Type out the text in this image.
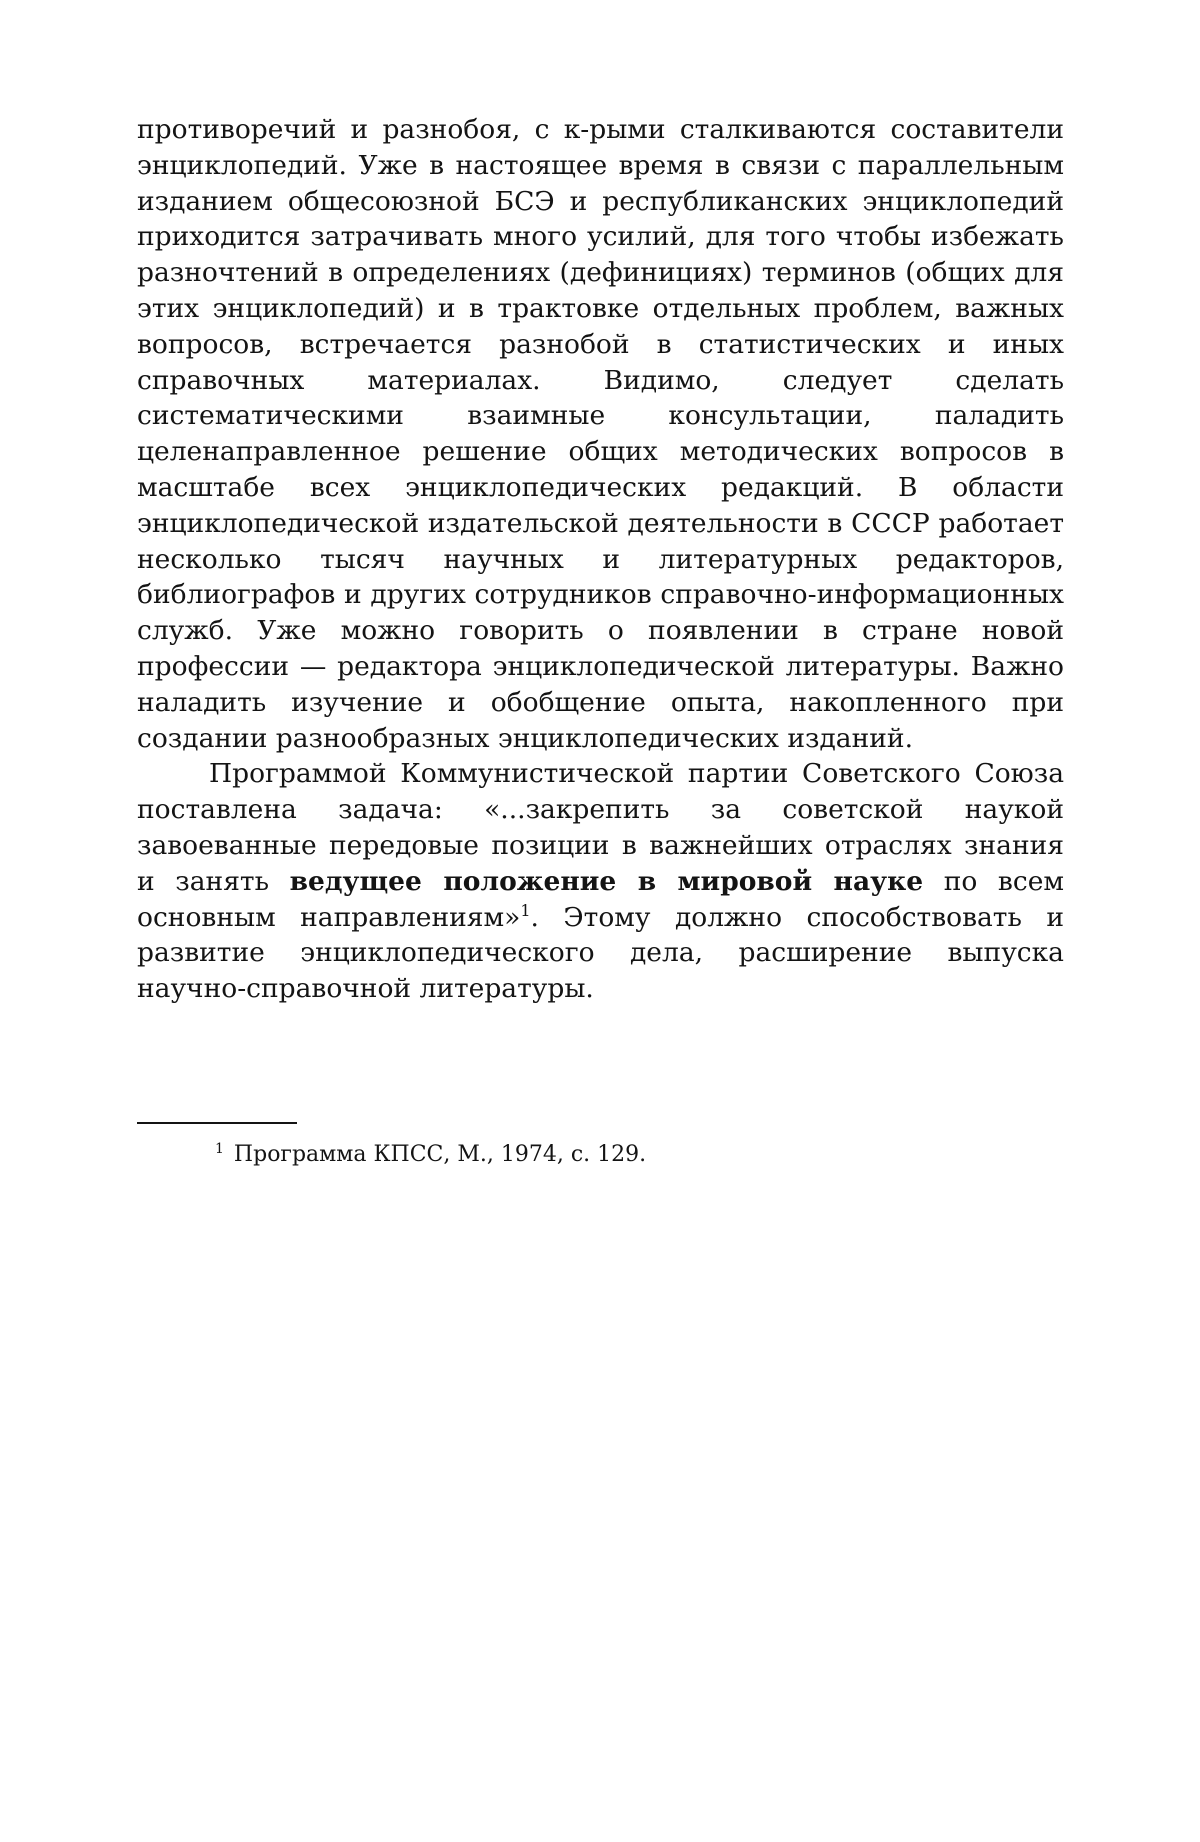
противоречий и разнобоя, с к-рыми сталкиваются составители энциклопедий. Уже в настоящее время в связи с параллельным изданием общесоюзной БСЭ и республиканских энциклопедий приходится затрачивать много усилий, для того чтобы избежать разночтений в определениях (дефинициях) терминов (общих для этих энциклопедий) и в трактовке отдельных проблем, важных вопросов, встречается разнобой в статистических и иных справочных материалах. Видимо, следует сделать систематическими взаимные консультации, паладить целенаправленное решение общих методических вопросов в масштабе всех энциклопедических редакций. В области энциклопедической издательской деятельности в СССР работает несколько тысяч научных и литературных редакторов, библиографов и других сотрудников справочно-информационных служб. Уже можно говорить о появлении в стране новой профессии — редактора энциклопедической литературы. Важно наладить изучение и обобщение опыта, накопленного при создании разнообразных энциклопедических изданий.

Программой Коммунистической партии Советского Союза поставлена задача: «...закрепить за советской наукой завоеванные передовые позиции в важнейших отраслях знания и занять ведущее положение в мировой науке по всем основным направлениям»$^1$. Этому должно способствовать и развитие энциклопедического дела, расширение выпуска научно-справочной литературы.

$^1$ Программа КПСС, М., 1974, с. 129.
